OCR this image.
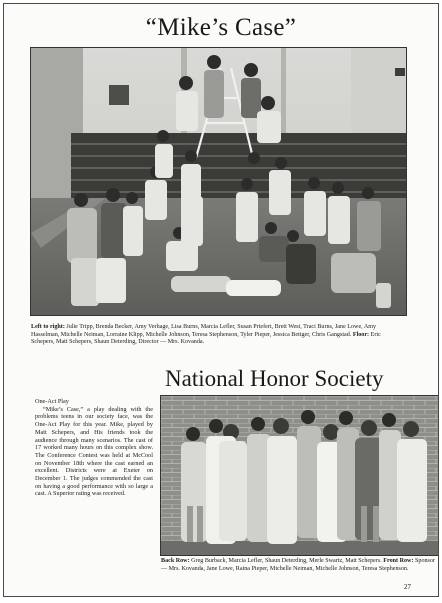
“Mike’s Case”
Left to right: Julie Tripp, Brenda Becker, Amy Verhage, Lisa Burns, Marcia Lefler, Susan Priefert, Brett West, Traci Burns, Jane Lowe, Amy Hasselman, Michelle Neiman, Lorraine Klipp, Michelle Johnson, Teresa Stephenson, Tyler Pieper, Jessica Bettger, Chris Gangstad. Floor: Eric Schepers, Matt Schepers, Shaun Deterding, Director — Mrs. Kovanda.
National Honor Society
One-Act Play
“Mike’s Case,” a play dealing with the problems teens in our society face, was the One-Act Play for this year. Mike, played by Matt Schepers, and His friends took the audience through many scenarios. The cast of 17 worked many hours on this complex show. The Conference Contest was held at McCool on November 18th where the cast earned an excellent. Districts were at Exeter on December 1. The judges commended the cast on having a good performance with so large a cast. A Superior rating was received.
Back Row: Greg Burback, Marcia Lefler, Shaun Deterding, Merle Swartz, Matt Schepers. Front Row: Sponsor — Mrs. Kovanda, Jane Lowe, Raina Pieper, Michelle Neiman, Michelle Johnson, Teresa Stephenson.
27
